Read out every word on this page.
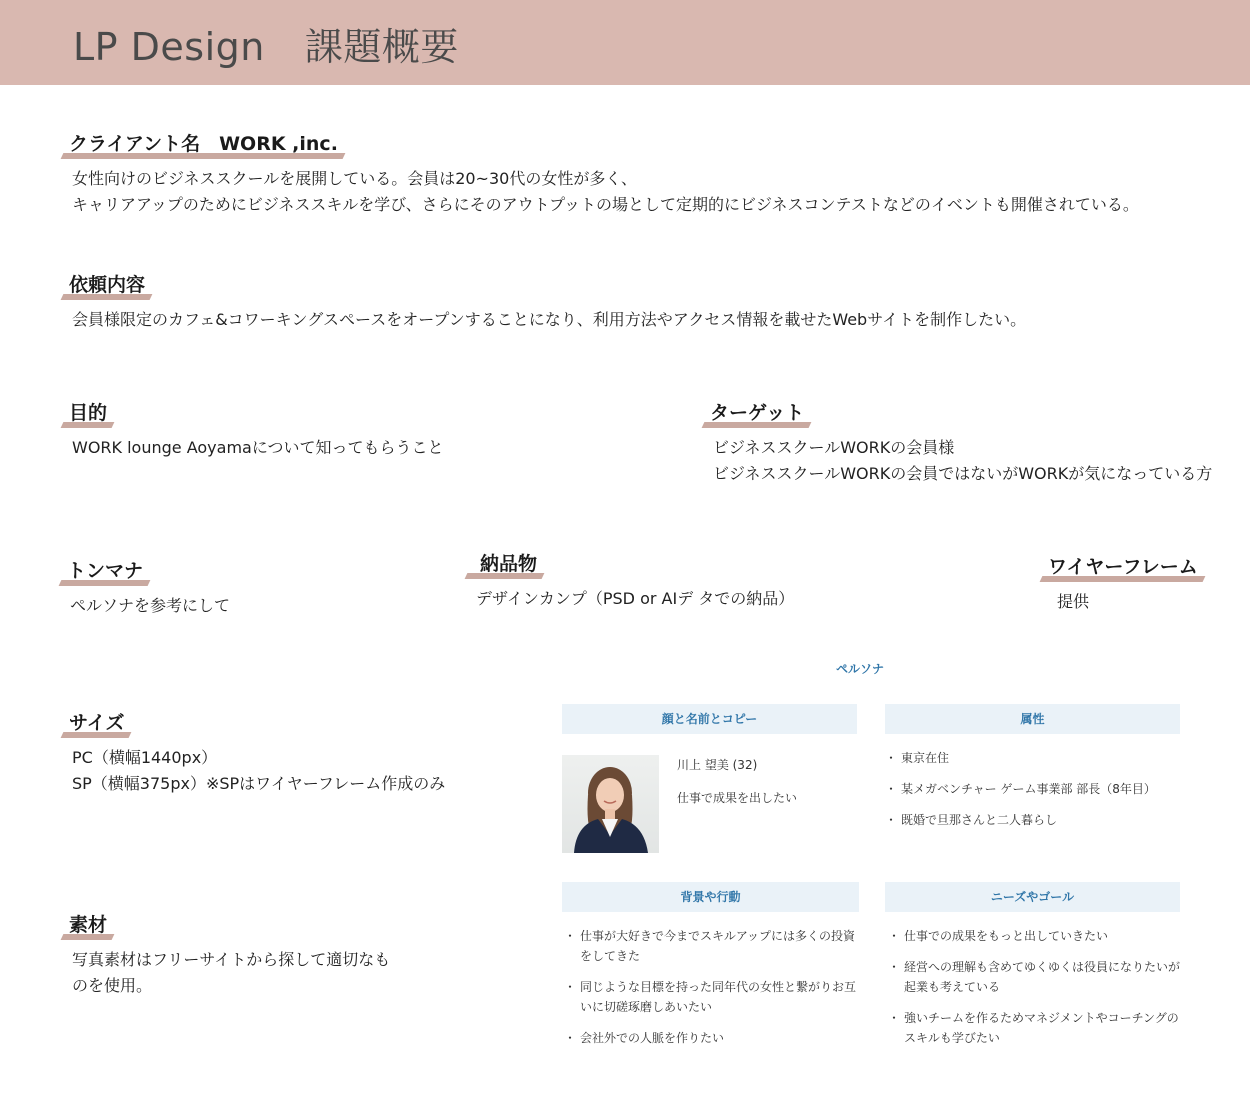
LP Design 課題概要
クライアント名　WORK ,inc.
女性向けのビジネススクールを展開している。会員は20~30代の女性が多く、
キャリアアップのためにビジネススキルを学び、さらにそのアウトプットの場として定期的にビジネスコンテストなどのイベントも開催されている。
依頼内容
会員様限定のカフェ&コワーキングスペースをオープンすることになり、利用方法やアクセス情報を載せたWebサイトを制作したい。
目的
WORK lounge Aoyamaについて知ってもらうこと
ターゲット
ビジネススクールWORKの会員様
ビジネススクールWORKの会員ではないがWORKが気になっている方
トンマナ
ペルソナを参考にして
納品物
デザインカンプ（PSD or AIデ タでの納品）
ワイヤーフレーム
提供
サイズ
PC（横幅1440px）
SP（横幅375px）※SPはワイヤーフレーム作成のみ
素材
写真素材はフリーサイトから探して適切なも
のを使用。
ペルソナ
顔と名前とコピー	属性
川上 望美 (32)
仕事で成果を出したい
・ 東京在住
・ 某メガベンチャー ゲーム事業部 部長（8年目）
・ 既婚で旦那さんと二人暮らし
背景や行動	ニーズやゴール
・ 仕事が大好きで今までスキルアップには多くの投資をしてきた
・ 同じような目標を持った同年代の女性と繋がりお互いに切磋琢磨しあいたい
・ 会社外での人脈を作りたい
・ 仕事での成果をもっと出していきたい
・ 経営への理解も含めてゆくゆくは役員になりたいが起業も考えている
・ 強いチームを作るためマネジメントやコーチングのスキルも学びたい
